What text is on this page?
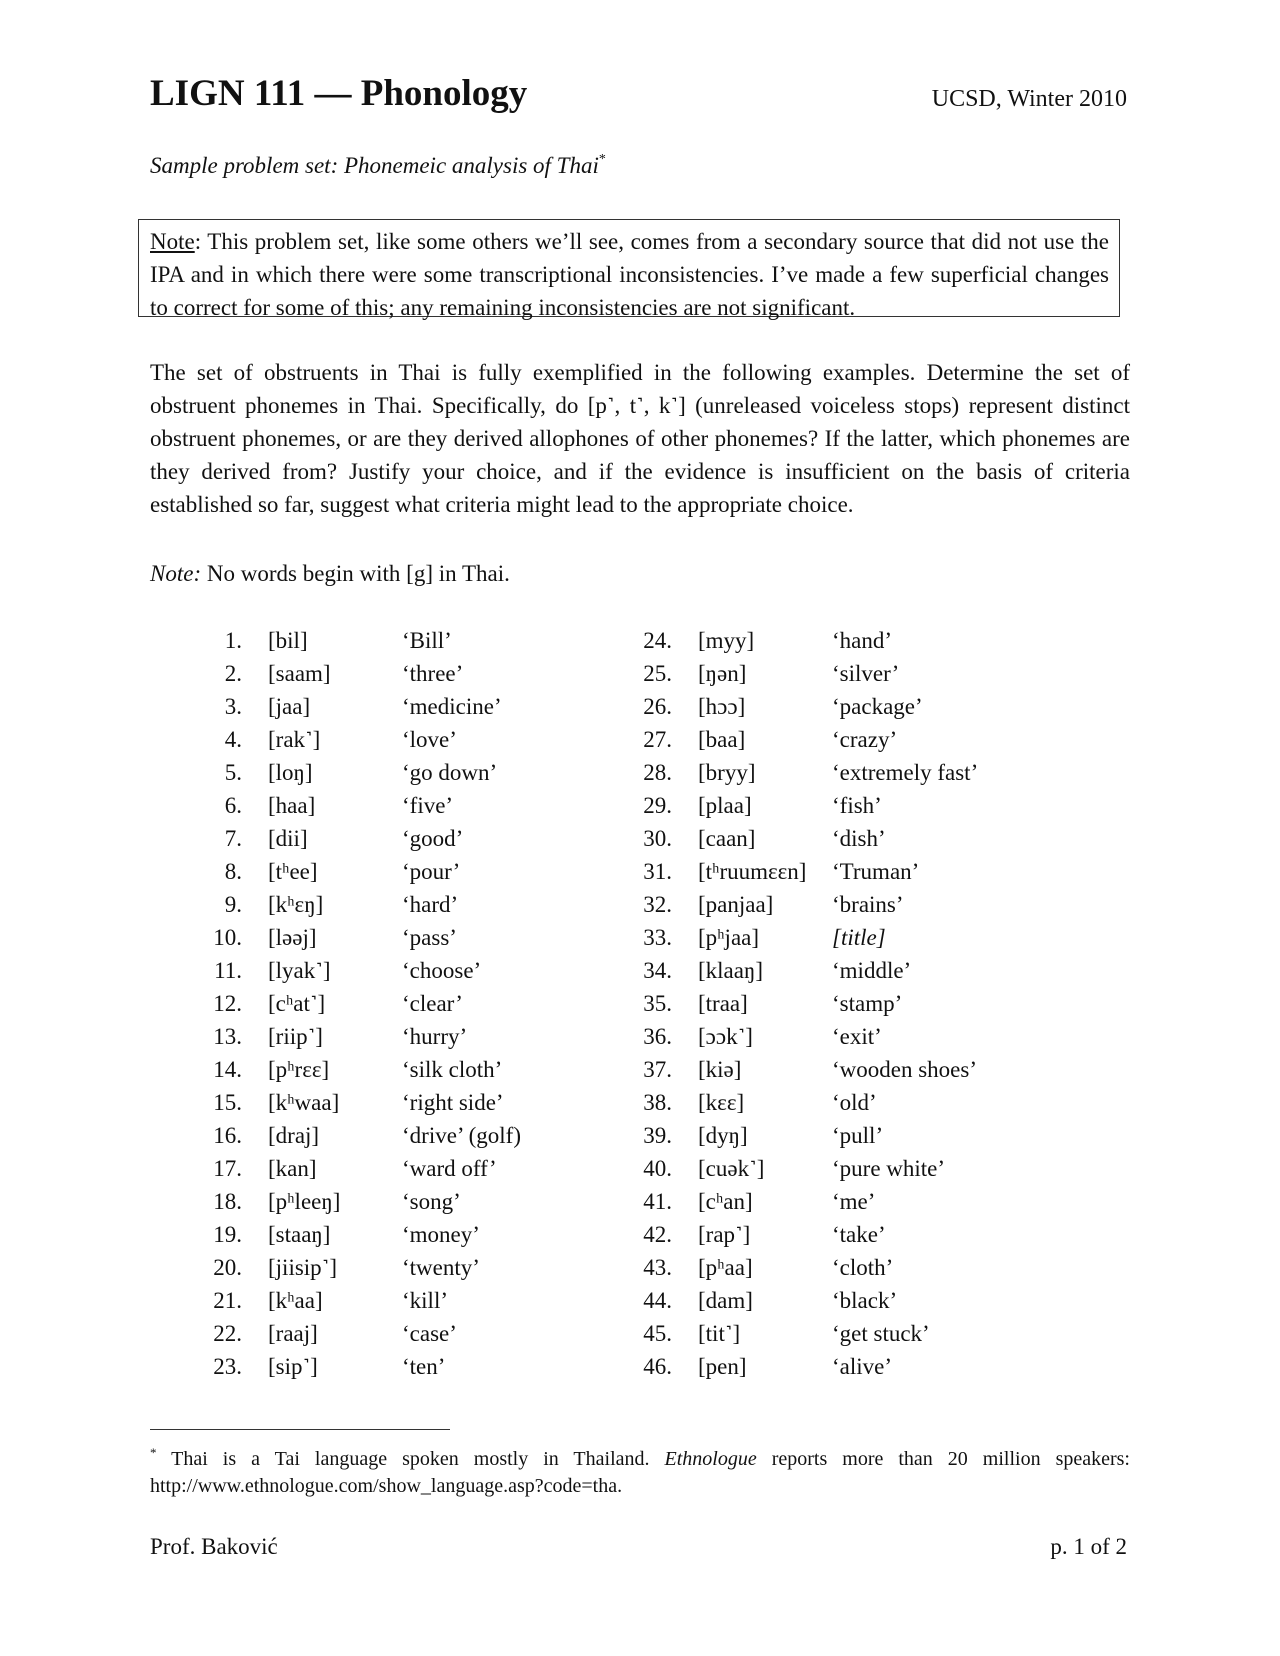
LIGN 111 — Phonology	UCSD, Winter 2010
Sample problem set: Phonemeic analysis of Thai*
Note: This problem set, like some others we’ll see, comes from a secondary source that did not use the IPA and in which there were some transcriptional inconsistencies. I’ve made a few superficial changes to correct for some of this; any remaining inconsistencies are not significant.
The set of obstruents in Thai is fully exemplified in the following examples. Determine the set of obstruent phonemes in Thai. Specifically, do [p˺, t˺, k˺] (unreleased voiceless stops) represent distinct obstruent phonemes, or are they derived allophones of other phonemes? If the latter, which phonemes are they derived from? Justify your choice, and if the evidence is insufficient on the basis of criteria established so far, suggest what criteria might lead to the appropriate choice.
Note: No words begin with [g] in Thai.
1. [bil]	‘Bill’
2. [saam]	‘three’
3. [jaa]	‘medicine’
4. [rak˺]	‘love’
5. [loŋ]	‘go down’
6. [haa]	‘five’
7. [dii]	‘good’
8. [tʰee]	‘pour’
9. [kʰɛŋ]	‘hard’
10. [ləəj]	‘pass’
11. [lyak˺]	‘choose’
12. [cʰat˺]	‘clear’
13. [riip˺]	‘hurry’
14. [pʰrɛɛ]	‘silk cloth’
15. [kʰwaa]	‘right side’
16. [draj]	‘drive’ (golf)
17. [kan]	‘ward off’
18. [pʰleeŋ]	‘song’
19. [staaŋ]	‘money’
20. [jiisip˺]	‘twenty’
21. [kʰaa]	‘kill’
22. [raaj]	‘case’
23. [sip˺]	‘ten’
24. [myy]	‘hand’
25. [ŋən]	‘silver’
26. [hɔɔ]	‘package’
27. [baa]	‘crazy’
28. [bryy]	‘extremely fast’
29. [plaa]	‘fish’
30. [caan]	‘dish’
31. [tʰruumɛɛn] ‘Truman’
32. [panjaa]	‘brains’
33. [pʰjaa]	[title]
34. [klaaŋ]	‘middle’
35. [traa]	‘stamp’
36. [ɔɔk˺]	‘exit’
37. [kiə]	‘wooden shoes’
38. [kɛɛ]	‘old’
39. [dyŋ]	‘pull’
40. [cuək˺]	‘pure white’
41. [cʰan]	‘me’
42. [rap˺]	‘take’
43. [pʰaa]	‘cloth’
44. [dam]	‘black’
45. [tit˺]	‘get stuck’
46. [pen]	‘alive’
* Thai is a Tai language spoken mostly in Thailand. Ethnologue reports more than 20 million speakers: http://www.ethnologue.com/show_language.asp?code=tha.
Prof. Baković	p. 1 of 2
